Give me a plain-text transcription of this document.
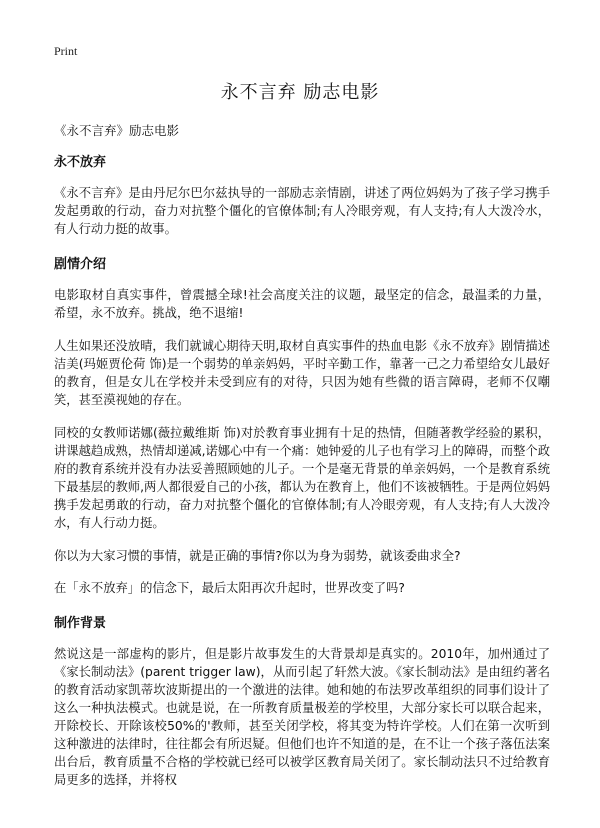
Print
永不言弃 励志电影
《永不言弃》励志电影
永不放弃

《永不言弃》是由丹尼尔巴尔兹执导的一部励志亲情剧，讲述了两位妈妈为了孩子学习携手发起勇敢的行动，奋力对抗整个僵化的官僚体制;有人冷眼旁观，有人支持;有人大泼冷水，有人行动力挺的故事。

剧情介绍

电影取材自真实事件，曾震撼全球!社会高度关注的议题，最坚定的信念，最温柔的力量，希望，永不放弃。挑战，绝不退缩!

人生如果还没放晴，我们就诚心期待天明,取材自真实事件的热血电影《永不放弃》剧情描述洁美(玛姬贾伦荷 饰)是一个弱势的单亲妈妈，平时辛勤工作，靠著一己之力希望给女儿最好的教育，但是女儿在学校并未受到应有的对待，只因为她有些微的语言障碍，老师不仅嘲笑，甚至漠视她的存在。

同校的女教师诺娜(薇拉戴维斯 饰)对於教育事业拥有十足的热情，但随著教学经验的累积，讲课越趋成熟，热情却递减,诺娜心中有一个痛：她钟爱的儿子也有学习上的障碍，而整个政府的教育系统并没有办法妥善照顾她的儿子。一个是毫无背景的单亲妈妈，一个是教育系统下最基层的教师,两人都很爱自己的小孩，都认为在教育上，他们不该被牺牲。于是两位妈妈携手发起勇敢的行动，奋力对抗整个僵化的官僚体制;有人冷眼旁观，有人支持;有人大泼冷水，有人行动力挺。

你以为大家习惯的事情，就是正确的事情?你以为身为弱势，就该委曲求全?

在「永不放弃」的信念下，最后太阳再次升起时，世界改变了吗?

制作背景

然说这是一部虚构的影片，但是影片故事发生的大背景却是真实的。2010年，加州通过了《家长制动法》(parent trigger law)，从而引起了轩然大波。《家长制动法》是由纽约著名的教育活动家凯蒂坎波斯提出的一个激进的法律。她和她的布法罗改革组织的同事们设计了这么一种执法模式。也就是说，在一所教育质量极差的学校里，大部分家长可以联合起来，开除校长、开除该校50%的'教师，甚至关闭学校，将其变为特许学校。人们在第一次听到这种激进的法律时，往往都会有所迟疑。但他们也许不知道的是，在不让一个孩子落伍法案出台后，教育质量不合格的学校就已经可以被学区教育局关闭了。家长制动法只不过给教育局更多的选择，并将权
